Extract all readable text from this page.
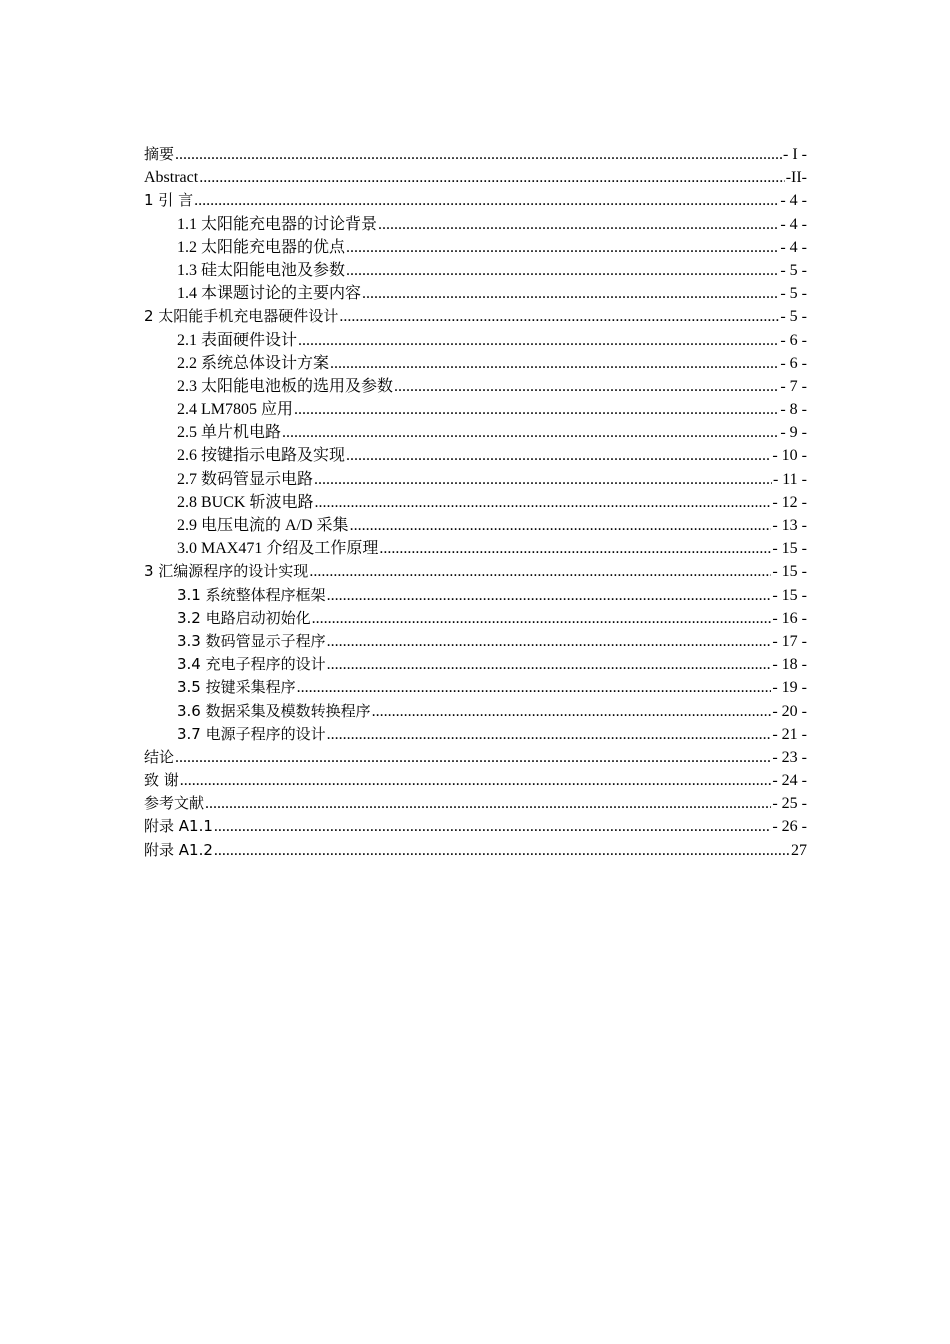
摘要 .....	- I -
Abstract .....	-II-
1 引 言 .....	- 4 -
1.1 太阳能充电器的讨论背景 .....	- 4 -
1.2 太阳能充电器的优点 .....	- 4 -
1.3 硅太阳能电池及参数 .....	- 5 -
1.4 本课题讨论的主要内容 .....	- 5 -
2 太阳能手机充电器硬件设计 .....	- 5 -
2.1 表面硬件设计 .....	- 6 -
2.2 系统总体设计方案 .....	- 6 -
2.3 太阳能电池板的选用及参数 .....	- 7 -
2.4 LM7805 应用 .....	- 8 -
2.5 单片机电路 .....	- 9 -
2.6 按键指示电路及实现 .....	- 10 -
2.7 数码管显示电路 .....	- 11 -
2.8 BUCK 斩波电路 .....	- 12 -
2.9 电压电流的 A/D 采集 .....	- 13 -
3.0 MAX471 介绍及工作原理 .....	- 15 -
3 汇编源程序的设计实现 .....	- 15 -
3.1 系统整体程序框架 .....	- 15 -
3.2 电路启动初始化 .....	- 16 -
3.3 数码管显示子程序 .....	- 17 -
3.4 充电子程序的设计 .....	- 18 -
3.5 按键采集程序 .....	- 19 -
3.6 数据采集及模数转换程序 .....	- 20 -
3.7 电源子程序的设计 .....	- 21 -
结论 .....	- 23 -
致 谢 .....	- 24 -
参考文献 .....	- 25 -
附录 A1.1 .....	- 26 -
附录 A1.2 .....	27
